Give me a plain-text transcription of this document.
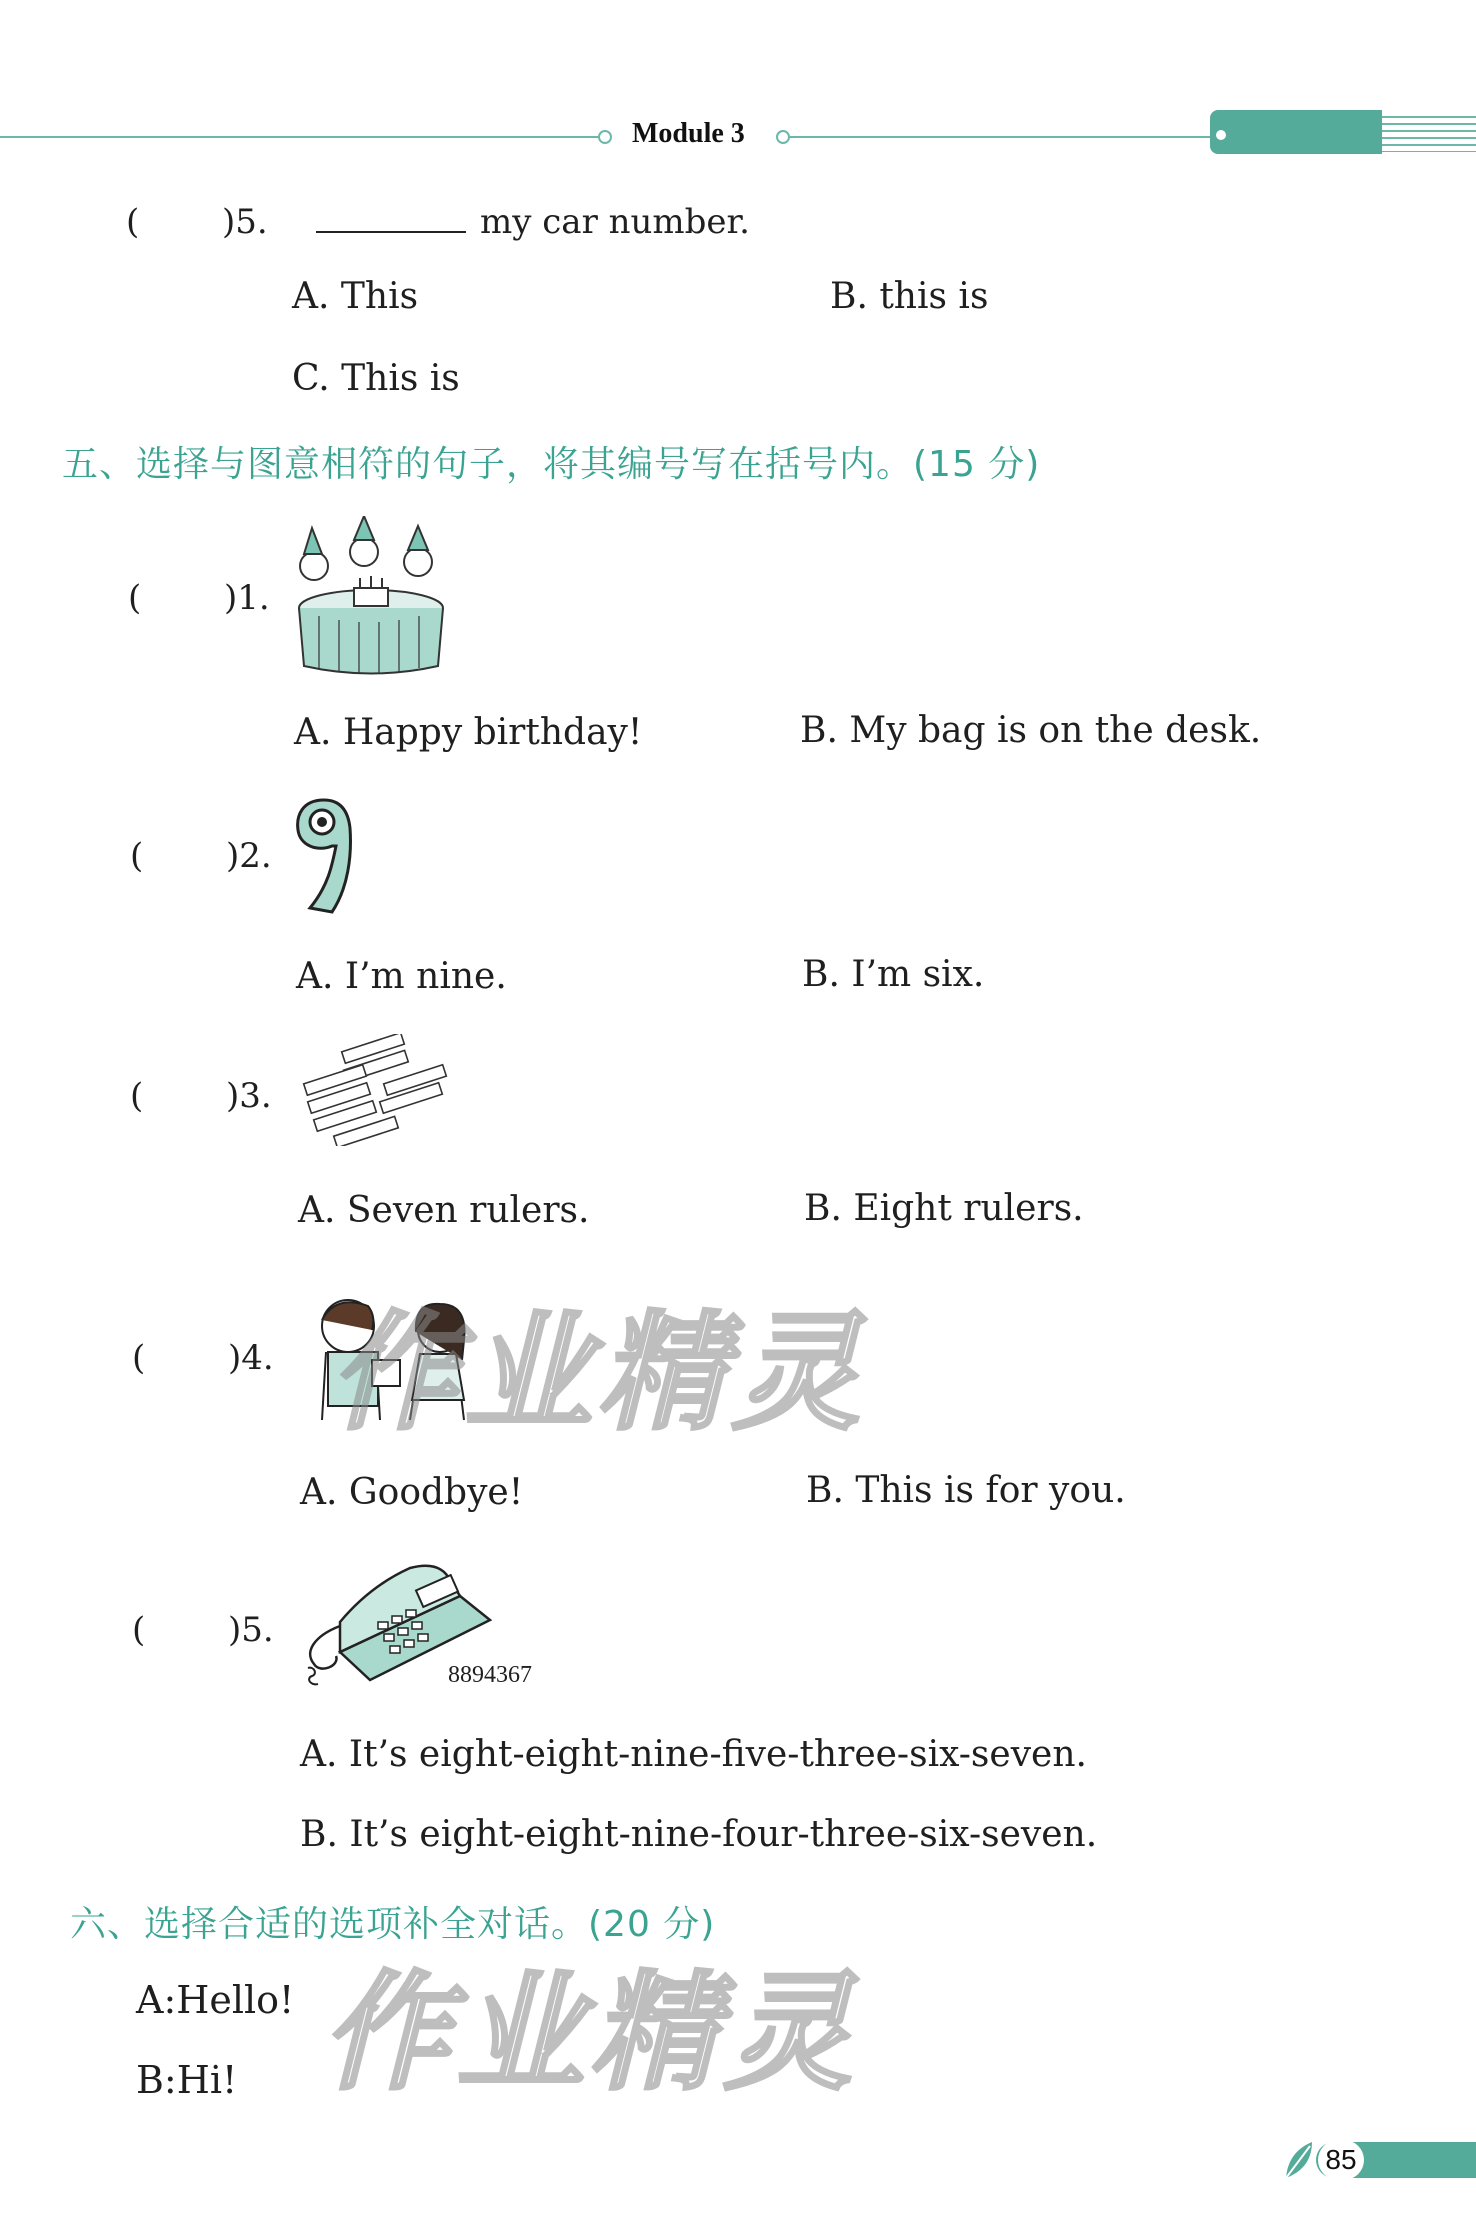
Module 3
( )5.	my car number.
A. This	B. this is
C. This is
五、选择与图意相符的句子，将其编号写在括号内。(15 分)
( )1.
A. Happy birthday!	B. My bag is on the desk.
( )2.
A. I’m nine.	B. I’m six.
( )3.
A. Seven rulers.	B. Eight rulers.
( )4.
A. Goodbye!	B. This is for you.
( )5.
8894367
A. It’s eight-eight-nine-five-three-six-seven.
B. It’s eight-eight-nine-four-three-six-seven.
六、选择合适的选项补全对话。(20 分)
A:Hello!
B:Hi!
作业精灵
作业精灵
85
